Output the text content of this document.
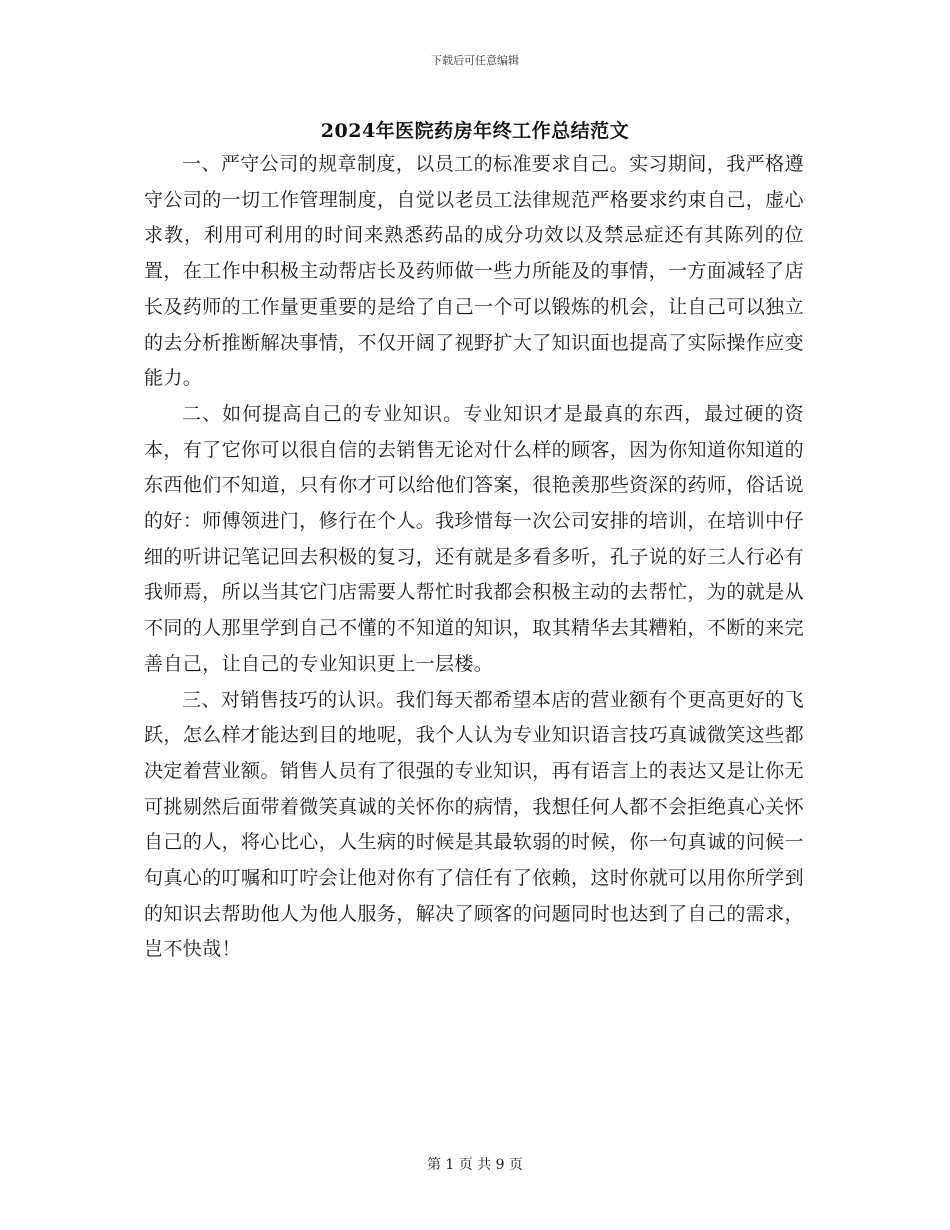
下载后可任意编辑
2024年医院药房年终工作总结范文

一、严守公司的规章制度，以员工的标准要求自己。实习期间，我严格遵守公司的一切工作管理制度，自觉以老员工法律规范严格要求约束自己，虚心求教，利用可利用的时间来熟悉药品的成分功效以及禁忌症还有其陈列的位置，在工作中积极主动帮店长及药师做一些力所能及的事情，一方面减轻了店长及药师的工作量更重要的是给了自己一个可以锻炼的机会，让自己可以独立的去分析推断解决事情，不仅开阔了视野扩大了知识面也提高了实际操作应变能力。

二、如何提高自己的专业知识。专业知识才是最真的东西，最过硬的资本，有了它你可以很自信的去销售无论对什么样的顾客，因为你知道你知道的东西他们不知道，只有你才可以给他们答案，很艳羡那些资深的药师，俗话说的好：师傅领进门，修行在个人。我珍惜每一次公司安排的培训，在培训中仔细的听讲记笔记回去积极的复习，还有就是多看多听，孔子说的好三人行必有我师焉，所以当其它门店需要人帮忙时我都会积极主动的去帮忙，为的就是从不同的人那里学到自己不懂的不知道的知识，取其精华去其糟粕，不断的来完善自己，让自己的专业知识更上一层楼。

三、对销售技巧的认识。我们每天都希望本店的营业额有个更高更好的飞跃，怎么样才能达到目的地呢，我个人认为专业知识语言技巧真诚微笑这些都决定着营业额。销售人员有了很强的专业知识，再有语言上的表达又是让你无可挑剔然后面带着微笑真诚的关怀你的病情，我想任何人都不会拒绝真心关怀自己的人，将心比心，人生病的时候是其最软弱的时候，你一句真诚的问候一句真心的叮嘱和叮咛会让他对你有了信任有了依赖，这时你就可以用你所学到的知识去帮助他人为他人服务，解决了顾客的问题同时也达到了自己的需求，岂不快哉！

第 1 页 共 9 页
